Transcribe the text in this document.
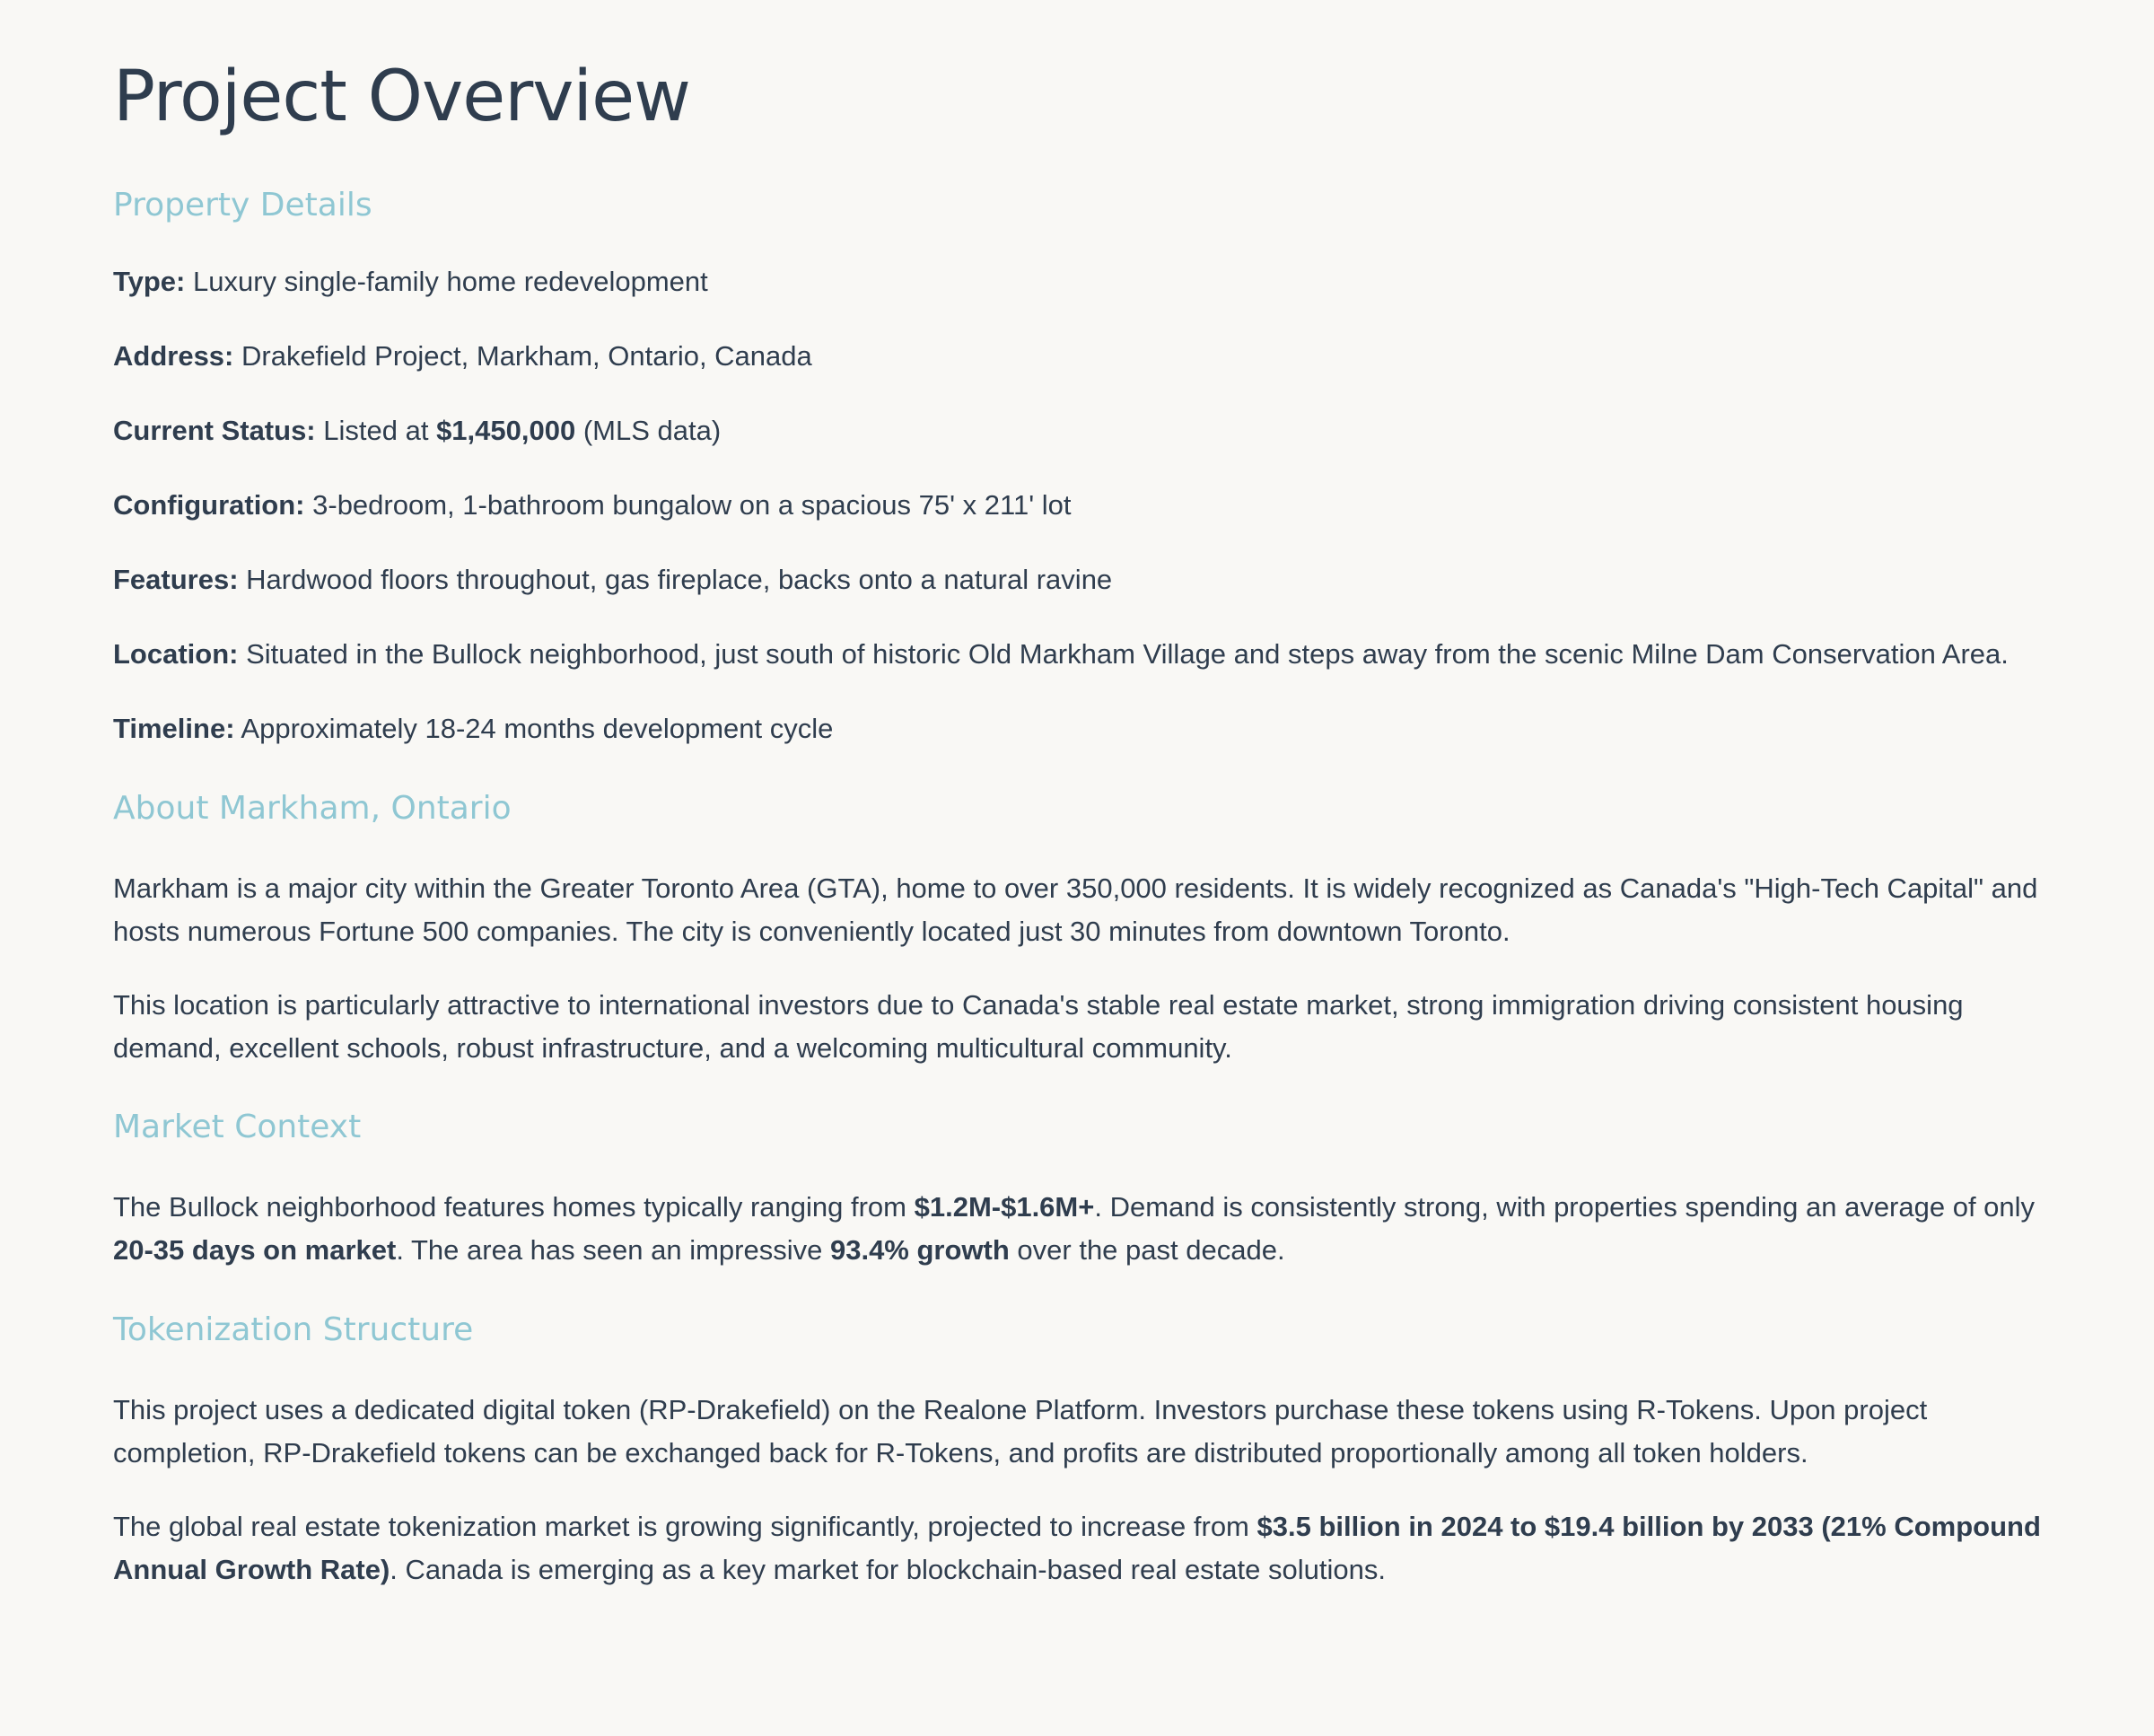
Project Overview
Property Details

Type: Luxury single-family home redevelopment

Address: Drakefield Project, Markham, Ontario, Canada

Current Status: Listed at $1,450,000 (MLS data)

Configuration: 3-bedroom, 1-bathroom bungalow on a spacious 75' x 211' lot

Features: Hardwood floors throughout, gas fireplace, backs onto a natural ravine

Location: Situated in the Bullock neighborhood, just south of historic Old Markham Village and steps away from the scenic Milne Dam Conservation Area.

Timeline: Approximately 18-24 months development cycle

About Markham, Ontario

Markham is a major city within the Greater Toronto Area (GTA), home to over 350,000 residents. It is widely recognized as Canada's "High-Tech Capital" and hosts numerous Fortune 500 companies. The city is conveniently located just 30 minutes from downtown Toronto.

This location is particularly attractive to international investors due to Canada's stable real estate market, strong immigration driving consistent housing demand, excellent schools, robust infrastructure, and a welcoming multicultural community.

Market Context

The Bullock neighborhood features homes typically ranging from $1.2M-$1.6M+. Demand is consistently strong, with properties spending an average of only 20-35 days on market. The area has seen an impressive 93.4% growth over the past decade.

Tokenization Structure

This project uses a dedicated digital token (RP-Drakefield) on the Realone Platform. Investors purchase these tokens using R-Tokens. Upon project completion, RP-Drakefield tokens can be exchanged back for R-Tokens, and profits are distributed proportionally among all token holders.

The global real estate tokenization market is growing significantly, projected to increase from $3.5 billion in 2024 to $19.4 billion by 2033 (21% Compound Annual Growth Rate). Canada is emerging as a key market for blockchain-based real estate solutions.
